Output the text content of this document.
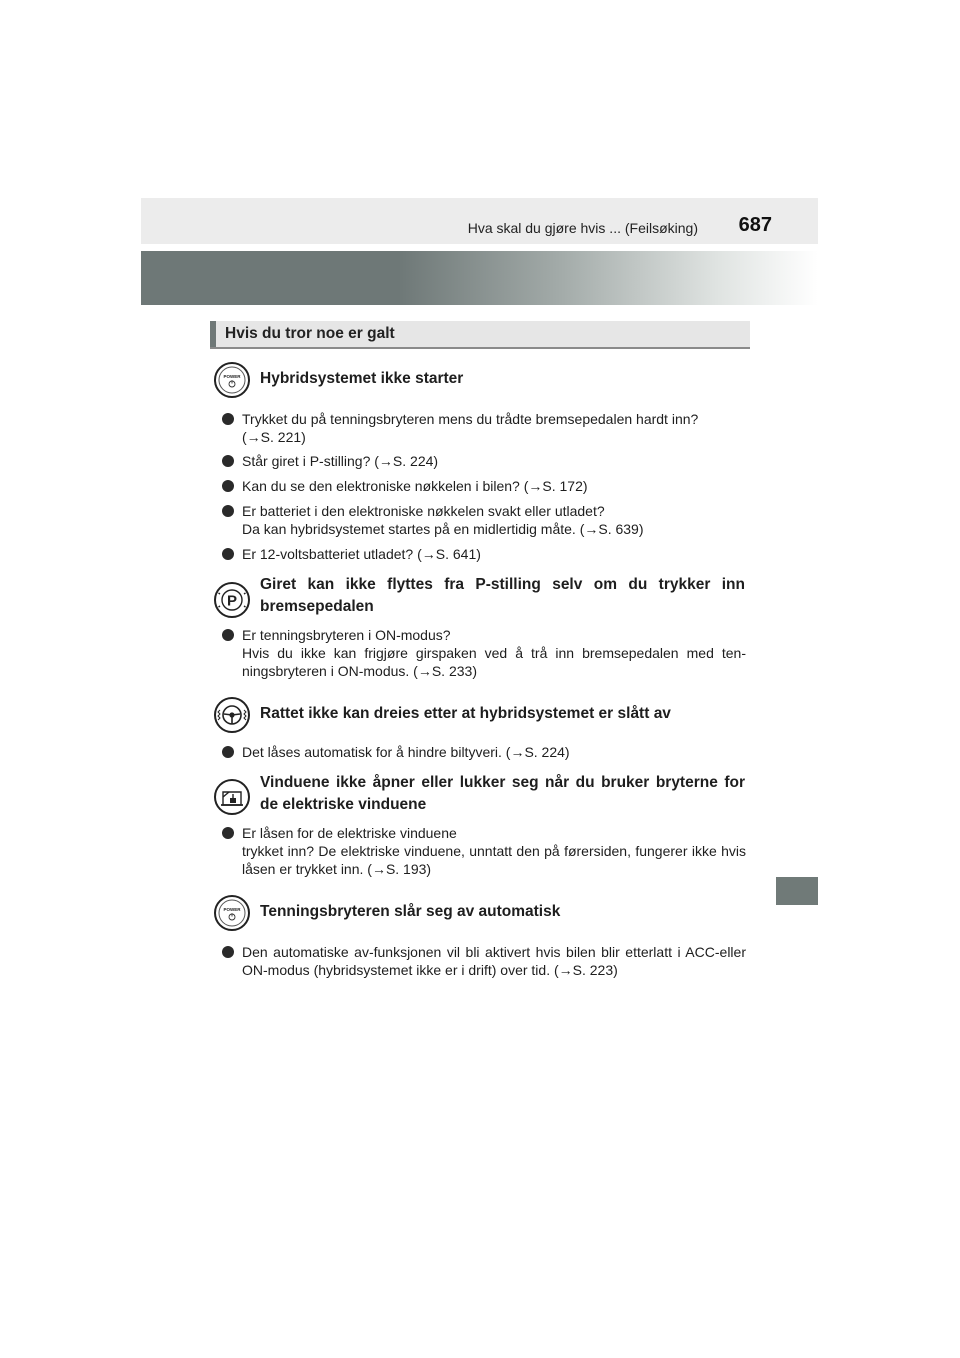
Hva skal du gjøre hvis ... (Feilsøking) 687
Hvis du tror noe er galt
POWER Hybridsystemet ikke starter
Trykket du på tenningsbryteren mens du trådte bremsepedalen hardt inn?
(→S. 221)
Står giret i P-stilling? (→S. 224)
Kan du se den elektroniske nøkkelen i bilen? (→S. 172)
Er batteriet i den elektroniske nøkkelen svakt eller utladet?
Da kan hybridsystemet startes på en midlertidig måte. (→S. 639)
Er 12-voltsbatteriet utladet? (→S. 641)
P
Giret kan ikke flyttes fra P-stilling selv om du trykker inn bremsepedalen
Er tenningsbryteren i ON-modus?
Hvis du ikke kan frigjøre girspaken ved å trå inn bremsepedalen med ten-ningsbryteren i ON-modus. (→S. 233)
Rattet ikke kan dreies etter at hybridsystemet er slått av
Det låses automatisk for å hindre biltyveri. (→S. 224)
Vinduene ikke åpner eller lukker seg når du bruker bryterne for de elektriske vinduene
Er låsen for de elektriske vinduene
trykket inn? De elektriske vinduene, unntatt den på førersiden, fungerer ikke hvis låsen er trykket inn. (→S. 193)
POWER Tenningsbryteren slår seg av automatisk
Den automatiske av-funksjonen vil bli aktivert hvis bilen blir etterlatt i ACC-eller ON-modus (hybridsystemet ikke er i drift) over tid. (→S. 223)
